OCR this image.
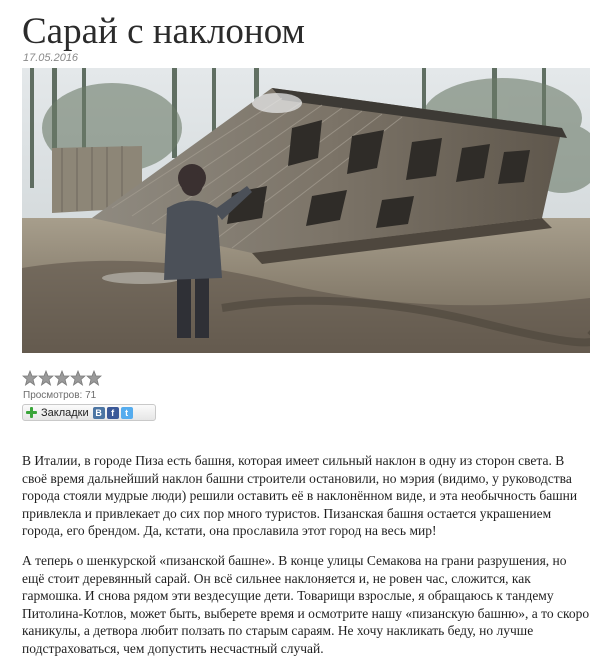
Сарай с наклоном
17.05.2016
Просмотров: 71
Закладки B	f	t

В Италии, в городе Пиза есть башня, которая имеет сильный наклон в одну из сторон света. В своё время дальнейший наклон башни строители остановили, но мэрия (видимо, у руководства города стояли мудрые люди) решили оставить её в наклонённом виде, и эта необычность башни привлекла и привлекает до сих пор много туристов. Пизанская башня остается украшением города, его брендом. Да, кстати, она прославила этот город на весь мир!

А теперь о шенкурской «пизанской башне». В конце улицы Семакова на грани разрушения, но ещё стоит деревянный сарай. Он всё сильнее наклоняется и, не ровен час, сложится, как гармошка. И снова рядом эти вездесущие дети. Товарищи взрослые, я обращаюсь к тандему Питолина-Котлов, может быть, выберете время и осмотрите нашу «пизанскую башню», а то скоро каникулы, а детвора любит ползать по старым сараям. Не хочу накликать беду, но лучше подстраховаться, чем допустить несчастный случай.
